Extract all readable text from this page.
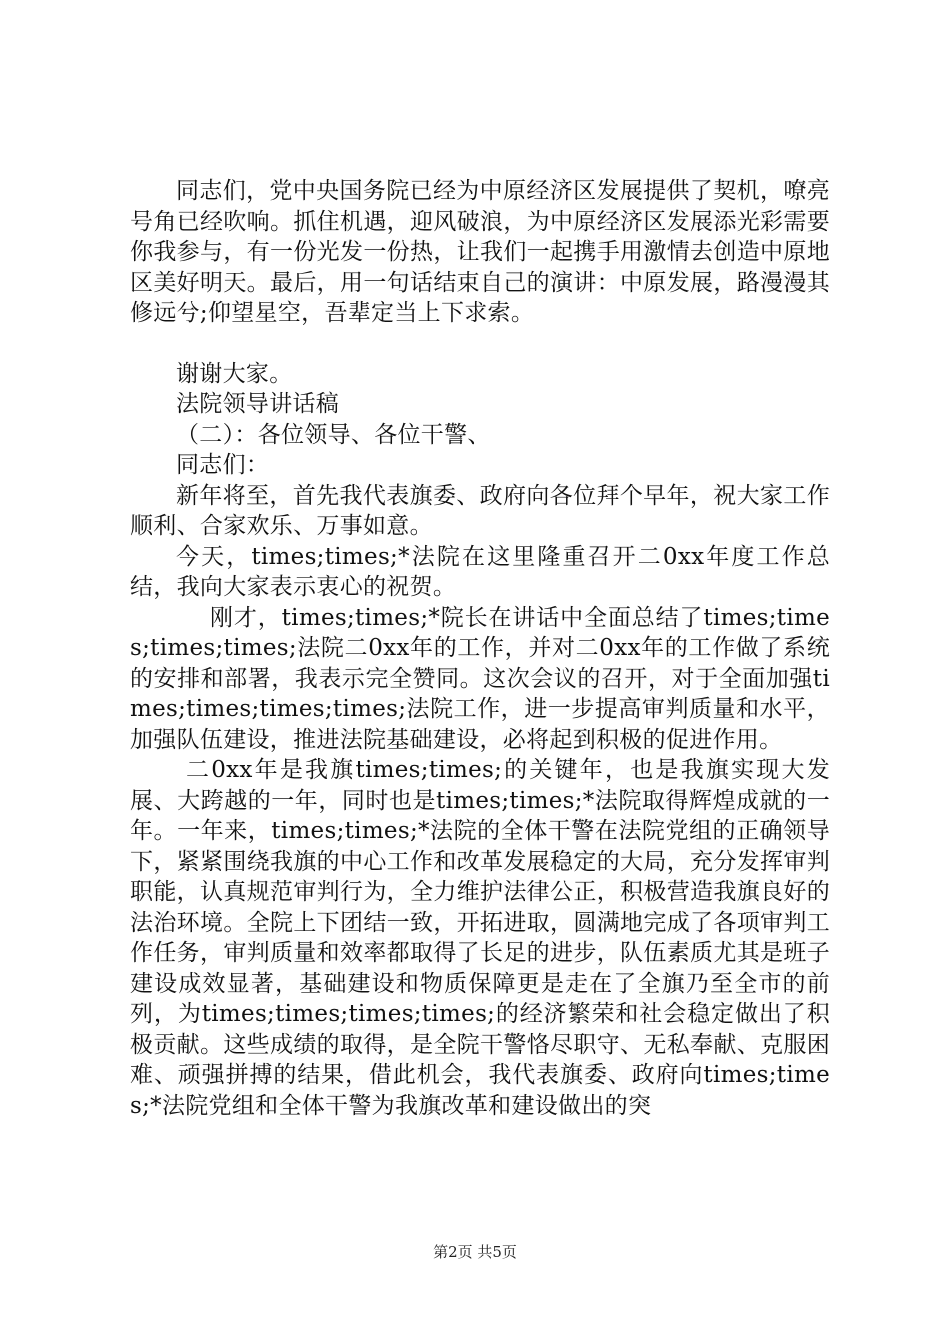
同志们，党中央国务院已经为中原经济区发展提供了契机，嘹亮号角已经吹响。抓住机遇，迎风破浪，为中原经济区发展添光彩需要你我参与，有一份光发一份热，让我们一起携手用激情去创造中原地区美好明天。最后，用一句话结束自己的演讲：中原发展，路漫漫其修远兮;仰望星空，吾辈定当上下求索。

谢谢大家。

法院领导讲话稿

（二）：各位领导、各位干警、

同志们：

新年将至，首先我代表旗委、政府向各位拜个早年，祝大家工作顺利、合家欢乐、万事如意。

今天，times;times;*法院在这里隆重召开二0xx年度工作总结，我向大家表示衷心的祝贺。

刚才，times;times;*院长在讲话中全面总结了times;times;times;times;法院二0xx年的工作，并对二0xx年的工作做了系统的安排和部署，我表示完全赞同。这次会议的召开，对于全面加强times;times;times;times;法院工作，进一步提高审判质量和水平，加强队伍建设，推进法院基础建设，必将起到积极的促进作用。

二0xx年是我旗times;times;的关键年，也是我旗实现大发展、大跨越的一年，同时也是times;times;*法院取得辉煌成就的一年。一年来，times;times;*法院的全体干警在法院党组的正确领导下，紧紧围绕我旗的中心工作和改革发展稳定的大局，充分发挥审判职能，认真规范审判行为，全力维护法律公正，积极营造我旗良好的法治环境。全院上下团结一致，开拓进取，圆满地完成了各项审判工作任务，审判质量和效率都取得了长足的进步，队伍素质尤其是班子建设成效显著，基础建设和物质保障更是走在了全旗乃至全市的前列，为times;times;times;times;的经济繁荣和社会稳定做出了积极贡献。这些成绩的取得，是全院干警恪尽职守、无私奉献、克服困难、顽强拼搏的结果，借此机会，我代表旗委、政府向times;times;*法院党组和全体干警为我旗改革和建设做出的突

第2页 共5页
